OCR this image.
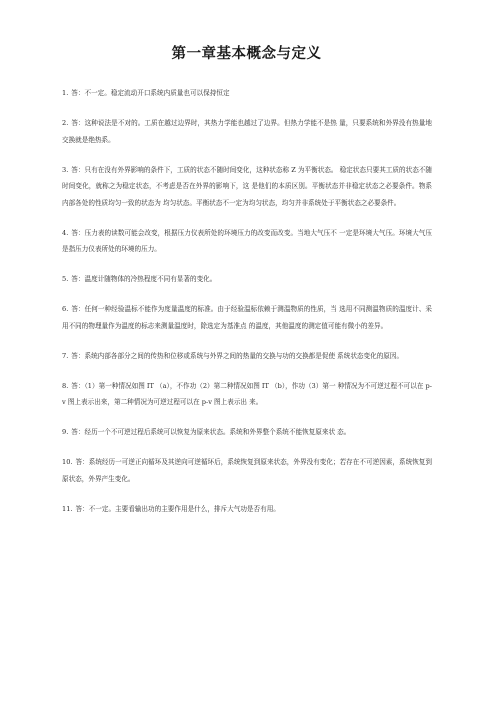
第一章基本概念与定义

1. 答：不一定。稳定流动开口系统内质量也可以保持恒定

2. 答：这种说法是不对的。工质在越过边界时，其热力学能也越过了边界。但热力学能不是热 量，只要系统和外界没有热量地交换就是绝热系。

3. 答：只有在没有外界影响的条件下，工质的状态不随时间变化，这种状态称 Z 为平衡状态。 稳定状态只要其工质的状态不随时间变化，就称之为稳定状态，不考虑是否在外界的影响下，这 是他们的本质区别。平衡状态并非稳定状态之必要条件。物系内部各处的性质均匀一致的状态为 均匀状态。平衡状态不一定为均匀状态，均匀并非系统处于平衡状态之必要条件。

4. 答：压力表的读数可能会改变，根据压力仪表所处的环境压力的改变而改变。当地大气压不 一定是环境大气压。环境大气压是指压力仪表所处的环境的压力。

5. 答：温度计随物体的冷热程度不同有显著的变化。

6. 答：任何一种经验温标不能作为度量温度的标准。由于经验温标依赖于测温物质的性质，当 选用不同测温物质的温度计、采用不同的物理量作为温度的标志来测量温度时，除选定为基准点 的温度，其他温度的测定值可能有微小的差异。

7. 答：系统内部各部分之间的传热和位移或系统与外界之间的热量的交换与功的交换都是促使 系统状态变化的原因。

8. 答：（1）第一种情况如图 IT （a），不作功（2）第二种情况如图 IT （b），作功（3）第一 种情况为不可逆过程不可以在 p-v 图上表示出来，第二种情况为可逆过程可以在 p-v 图上表示出 来。

9. 答：经历一个不可逆过程后系统可以恢复为原来状态。系统和外界整个系统不能恢复原来状 态。

10. 答：系统经历一可逆正向循环及其逆向可逆循环后，系统恢复到原来状态，外界没有变化；若存在不可逆因素，系统恢复到原状态，外界产生变化。

11. 答：不一定。主要看输出功的主要作用是什么，排斥大气功是否有用。
